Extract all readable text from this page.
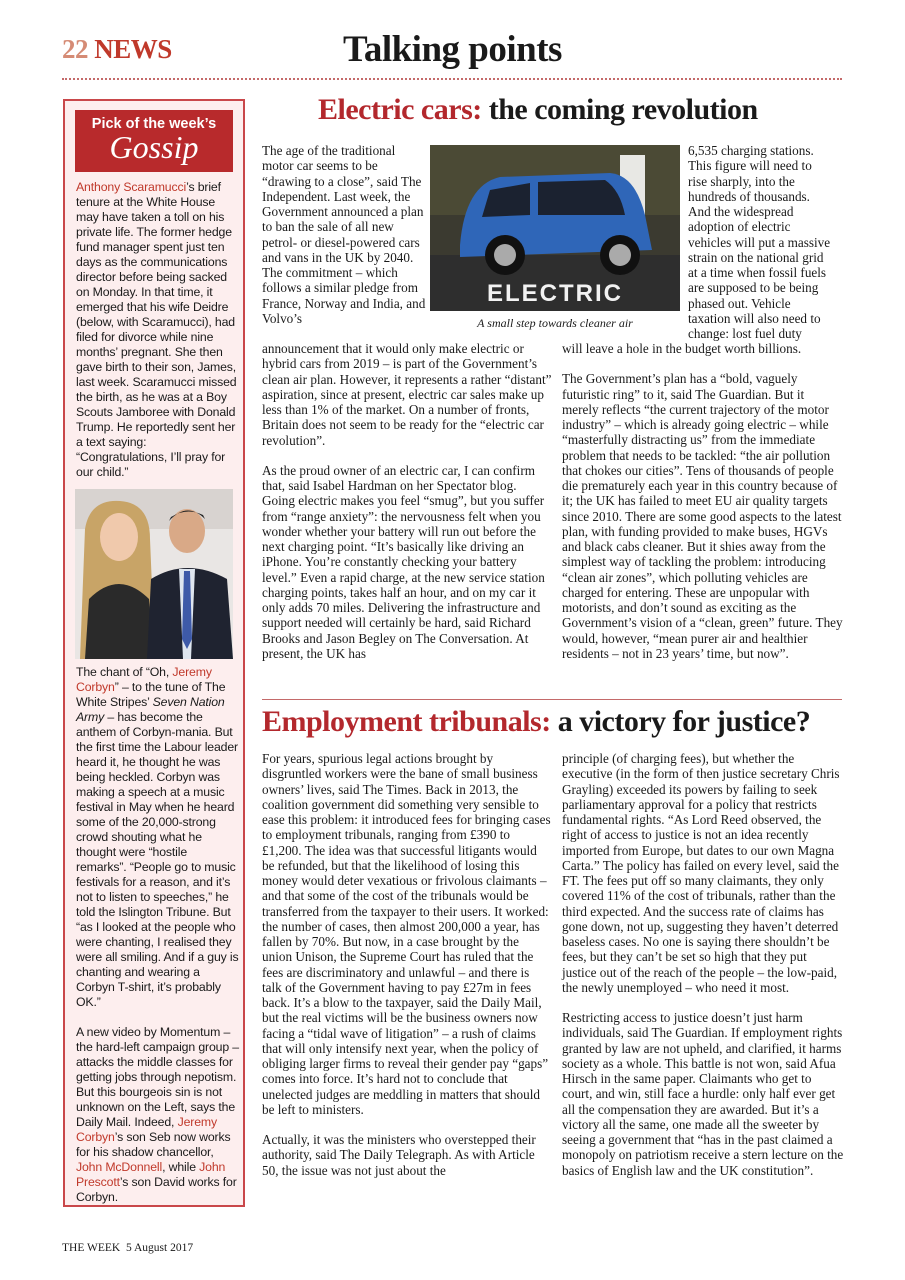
22 NEWS	Talking points
Pick of the week’s
Gossip

Anthony Scaramucci’s brief tenure at the White House may have taken a toll on his private life. The former hedge fund manager spent just ten days as the communications director before being sacked on Monday. In that time, it emerged that his wife Deidre (below, with Scaramucci), had filed for divorce while nine months’ pregnant. She then gave birth to their son, James, last week. Scaramucci missed the birth, as he was at a Boy Scouts Jamboree with Donald Trump. He reportedly sent her a text saying: “Congratulations, I’ll pray for our child.”

The chant of “Oh, Jeremy Corbyn” – to the tune of The White Stripes’ Seven Nation Army – has become the anthem of Corbyn-mania. But the first time the Labour leader heard it, he thought he was being heckled. Corbyn was making a speech at a music festival in May when he heard some of the 20,000-strong crowd shouting what he thought were “hostile remarks”. “People go to music festivals for a reason, and it’s not to listen to speeches,” he told the Islington Tribune. But “as I looked at the people who were chanting, I realised they were all smiling. And if a guy is chanting and wearing a Corbyn T-shirt, it’s probably OK.”

A new video by Momentum – the hard-left campaign group – attacks the middle classes for getting jobs through nepotism. But this bourgeois sin is not unknown on the Left, says the Daily Mail. Indeed, Jeremy Corbyn’s son Seb now works for his shadow chancellor, John McDonnell, while John Prescott’s son David works for Corbyn.

Electric cars: the coming revolution
The age of the traditional motor car seems to be “drawing to a close”, said The Independent. Last week, the Government announced a plan to ban the sale of all new petrol- or diesel-powered cars and vans in the UK by 2040. The commitment – which follows a similar pledge from France, Norway and India, and Volvo’s

announcement that it would only make electric or hybrid cars from 2019 – is part of the Government’s clean air plan. However, it represents a rather “distant” aspiration, since at present, electric car sales make up less than 1% of the market. On a number of fronts, Britain does not seem to be ready for the “electric car revolution”.

As the proud owner of an electric car, I can confirm that, said Isabel Hardman on her Spectator blog. Going electric makes you feel “smug”, but you suffer from “range anxiety”: the nervousness felt when you wonder whether your battery will run out before the next charging point. “It’s basically like driving an iPhone. You’re constantly checking your battery level.” Even a rapid charge, at the new service station charging points, takes half an hour, and on my car it only adds 70 miles. Delivering the infrastructure and support needed will certainly be hard, said Richard Brooks and Jason Begley on The Conversation. At present, the UK has

ELECTRIC
A small step towards cleaner air
6,535 charging stations. This figure will need to rise sharply, into the hundreds of thousands. And the widespread adoption of electric vehicles will put a massive strain on the national grid at a time when fossil fuels are supposed to be being phased out. Vehicle taxation will also need to change: lost fuel duty

will leave a hole in the budget worth billions.

The Government’s plan has a “bold, vaguely futuristic ring” to it, said The Guardian. But it merely reflects “the current trajectory of the motor industry” – which is already going electric – while “masterfully distracting us” from the immediate problem that needs to be tackled: “the air pollution that chokes our cities”. Tens of thousands of people die prematurely each year in this country because of it; the UK has failed to meet EU air quality targets since 2010. There are some good aspects to the latest plan, with funding provided to make buses, HGVs and black cabs cleaner. But it shies away from the simplest way of tackling the problem: introducing “clean air zones”, which polluting vehicles are charged for entering. These are unpopular with motorists, and don’t sound as exciting as the Government’s vision of a “clean, green” future. They would, however, “mean purer air and healthier residents – not in 23 years’ time, but now”.

Employment tribunals: a victory for justice?

For years, spurious legal actions brought by disgruntled workers were the bane of small business owners’ lives, said The Times. Back in 2013, the coalition government did something very sensible to ease this problem: it introduced fees for bringing cases to employment tribunals, ranging from £390 to £1,200. The idea was that successful litigants would be refunded, but that the likelihood of losing this money would deter vexatious or frivolous claimants – and that some of the cost of the tribunals would be transferred from the taxpayer to their users. It worked: the number of cases, then almost 200,000 a year, has fallen by 70%. But now, in a case brought by the union Unison, the Supreme Court has ruled that the fees are discriminatory and unlawful – and there is talk of the Government having to pay £27m in fees back. It’s a blow to the taxpayer, said the Daily Mail, but the real victims will be the business owners now facing a “tidal wave of litigation” – a rush of claims that will only intensify next year, when the policy of obliging larger firms to reveal their gender pay “gaps” comes into force. It’s hard not to conclude that unelected judges are meddling in matters that should be left to ministers.

Actually, it was the ministers who overstepped their authority, said The Daily Telegraph. As with Article 50, the issue was not just about the

principle (of charging fees), but whether the executive (in the form of then justice secretary Chris Grayling) exceeded its powers by failing to seek parliamentary approval for a policy that restricts fundamental rights. “As Lord Reed observed, the right of access to justice is not an idea recently imported from Europe, but dates to our own Magna Carta.” The policy has failed on every level, said the FT. The fees put off so many claimants, they only covered 11% of the cost of tribunals, rather than the third expected. And the success rate of claims has gone down, not up, suggesting they haven’t deterred baseless cases. No one is saying there shouldn’t be fees, but they can’t be set so high that they put justice out of the reach of the people – the low-paid, the newly unemployed – who need it most.

Restricting access to justice doesn’t just harm individuals, said The Guardian. If employment rights granted by law are not upheld, and clarified, it harms society as a whole. This battle is not won, said Afua Hirsch in the same paper. Claimants who get to court, and win, still face a hurdle: only half ever get all the compensation they are awarded. But it’s a victory all the same, one made all the sweeter by seeing a government that “has in the past claimed a monopoly on patriotism receive a stern lecture on the basics of English law and the UK constitution”.

THE WEEK 5 August 2017
